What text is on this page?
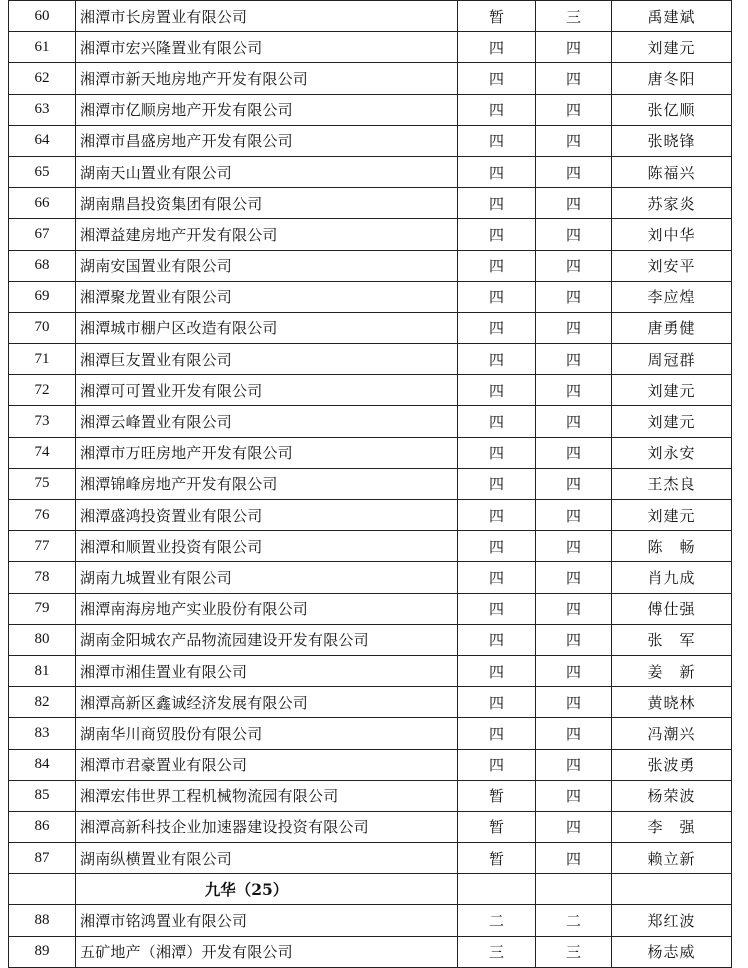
60	湘潭市长房置业有限公司	暂	三	禹建斌
61	湘潭市宏兴隆置业有限公司	四	四	刘建元
62	湘潭市新天地房地产开发有限公司	四	四	唐冬阳
63	湘潭市亿顺房地产开发有限公司	四	四	张亿顺
64	湘潭市昌盛房地产开发有限公司	四	四	张晓锋
65	湖南天山置业有限公司	四	四	陈福兴
66	湖南鼎昌投资集团有限公司	四	四	苏家炎
67	湘潭益建房地产开发有限公司	四	四	刘中华
68	湖南安国置业有限公司	四	四	刘安平
69	湘潭聚龙置业有限公司	四	四	李应煌
70	湘潭城市棚户区改造有限公司	四	四	唐勇健
71	湘潭巨友置业有限公司	四	四	周冠群
72	湘潭可可置业开发有限公司	四	四	刘建元
73	湘潭云峰置业有限公司	四	四	刘建元
74	湘潭市万旺房地产开发有限公司	四	四	刘永安
75	湘潭锦峰房地产开发有限公司	四	四	王杰良
76	湘潭盛鸿投资置业有限公司	四	四	刘建元
77	湘潭和顺置业投资有限公司	四	四	陈　畅
78	湖南九城置业有限公司	四	四	肖九成
79	湘潭南海房地产实业股份有限公司	四	四	傅仕强
80	湖南金阳城农产品物流园建设开发有限公司	四	四	张　军
81	湘潭市湘佳置业有限公司	四	四	姜　新
82	湘潭高新区鑫诚经济发展有限公司	四	四	黄晓林
83	湖南华川商贸股份有限公司	四	四	冯潮兴
84	湘潭市君豪置业有限公司	四	四	张波勇
85	湘潭宏伟世界工程机械物流园有限公司	暂	四	杨荣波
86	湘潭高新科技企业加速器建设投资有限公司	暂	四	李　强
87	湖南纵横置业有限公司	暂	四	赖立新
	九华（25）			
88	湘潭市铭鸿置业有限公司	二	二	郑红波
89	五矿地产（湘潭）开发有限公司	三	三	杨志威
